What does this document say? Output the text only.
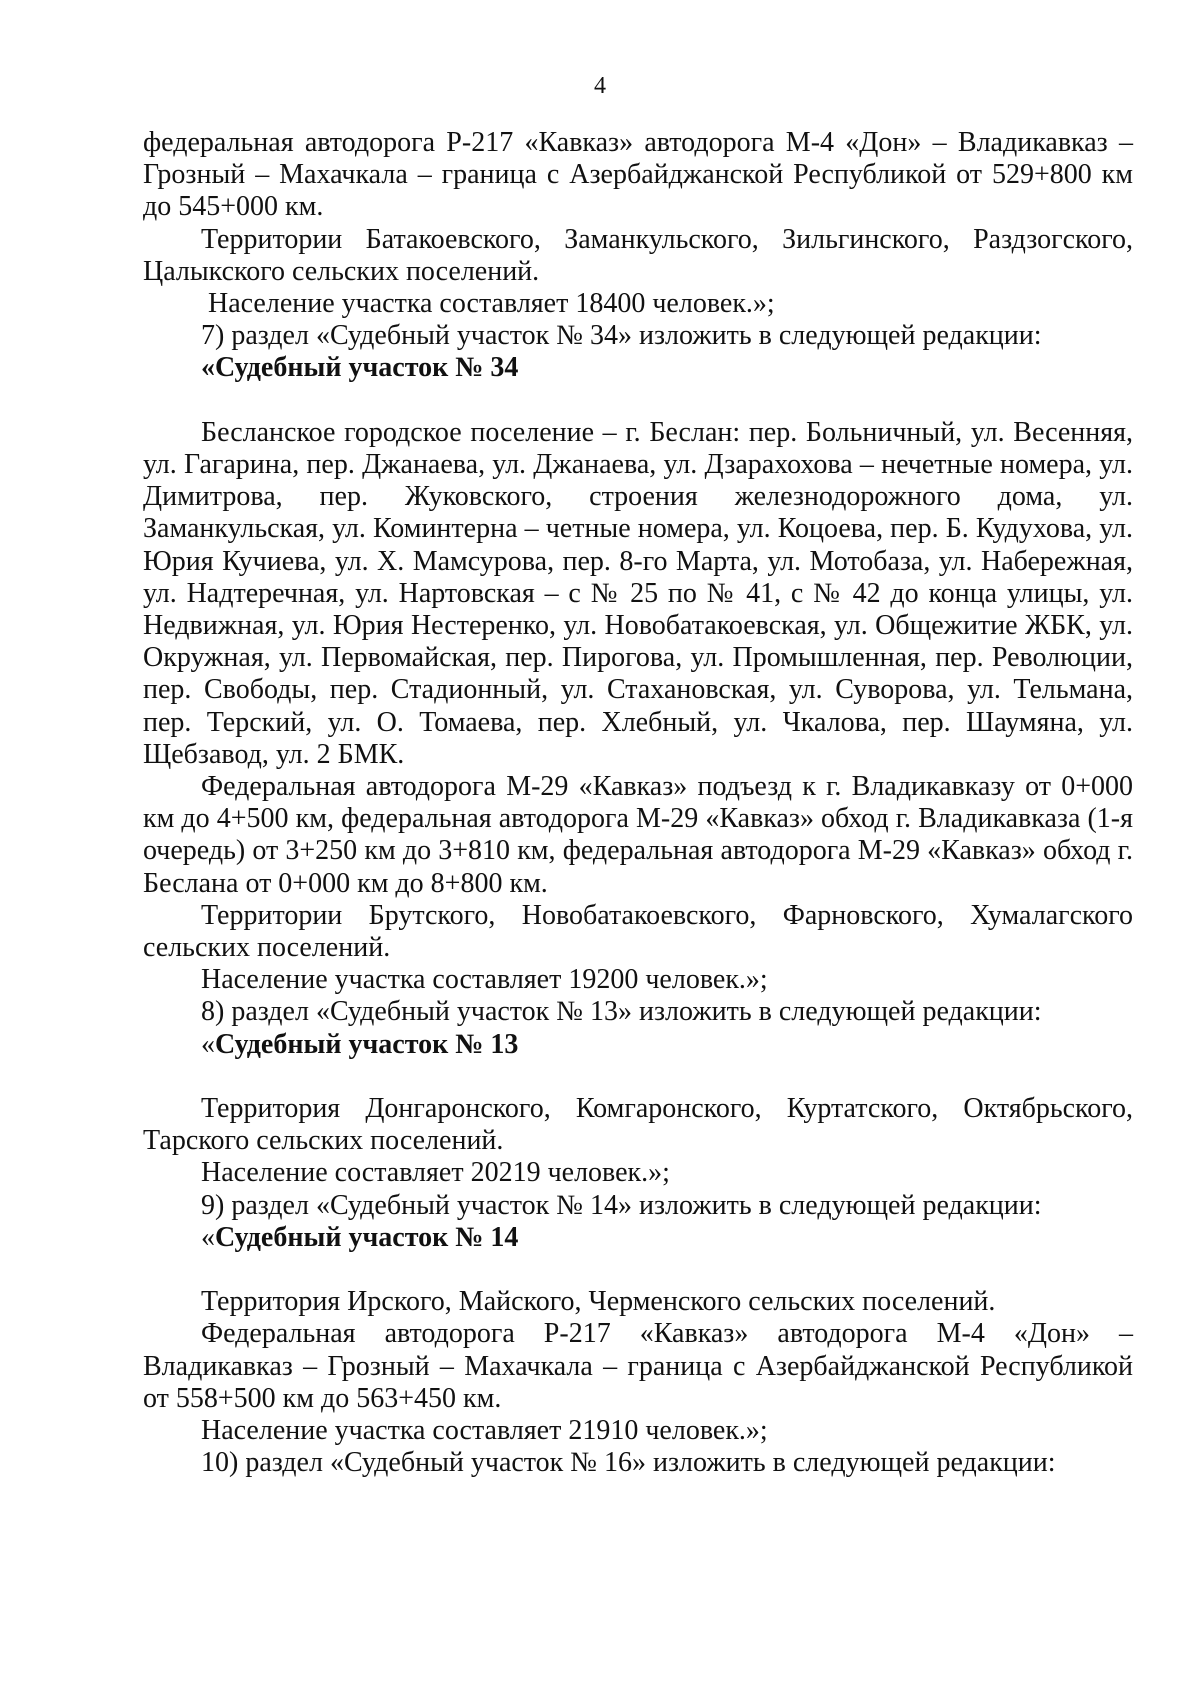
4

федеральная автодорога Р-217 «Кавказ» автодорога М-4 «Дон» – Владикавказ – Грозный – Махачкала – граница с Азербайджанской Республикой от 529+800 км до 545+000 км.

Территории Батакоевского, Заманкульского, Зильгинского, Раздзогского, Цалыкского сельских поселений.

Население участка составляет 18400 человек.»;

7) раздел «Судебный участок № 34» изложить в следующей редакции:

«Судебный участок № 34

Бесланское городское поселение – г. Беслан: пер. Больничный, ул. Весенняя, ул. Гагарина, пер. Джанаева, ул. Джанаева, ул. Дзарахохова – нечетные номера, ул. Димитрова, пер. Жуковского, строения железнодорожного дома, ул. Заманкульская, ул. Коминтерна – четные номера, ул. Коцоева, пер. Б. Кудухова, ул. Юрия Кучиева, ул. Х. Мамсурова, пер. 8-го Марта, ул. Мотобаза, ул. Набережная, ул. Надтеречная, ул. Нартовская – с № 25 по № 41, с № 42 до конца улицы, ул. Недвижная, ул. Юрия Нестеренко, ул. Новобатакоевская, ул. Общежитие ЖБК, ул. Окружная, ул. Первомайская, пер. Пирогова, ул. Промышленная, пер. Революции, пер. Свободы, пер. Стадионный, ул. Стахановская, ул. Суворова, ул. Тельмана, пер. Терский, ул. О. Томаева, пер. Хлебный, ул. Чкалова, пер. Шаумяна, ул. Щебзавод, ул. 2 БМК.

Федеральная автодорога М-29 «Кавказ» подъезд к г. Владикавказу от 0+000 км до 4+500 км, федеральная автодорога М-29 «Кавказ» обход г. Владикавказа (1-я очередь) от 3+250 км до 3+810 км, федеральная автодорога М-29 «Кавказ» обход г. Беслана от 0+000 км до 8+800 км.

Территории Брутского, Новобатакоевского, Фарновского, Хумалагского сельских поселений.

Население участка составляет 19200 человек.»;

8) раздел «Судебный участок № 13» изложить в следующей редакции:

«Судебный участок № 13

Территория Донгаронского, Комгаронского, Куртатского, Октябрьского, Тарского сельских поселений.

Население составляет 20219 человек.»;

9) раздел «Судебный участок № 14» изложить в следующей редакции:

«Судебный участок № 14

Территория Ирского, Майского, Черменского сельских поселений.

Федеральная автодорога Р-217 «Кавказ» автодорога М-4 «Дон» – Владикавказ – Грозный – Махачкала – граница с Азербайджанской Республикой от 558+500 км до 563+450 км.

Население участка составляет 21910 человек.»;

10) раздел «Судебный участок № 16» изложить в следующей редакции:
